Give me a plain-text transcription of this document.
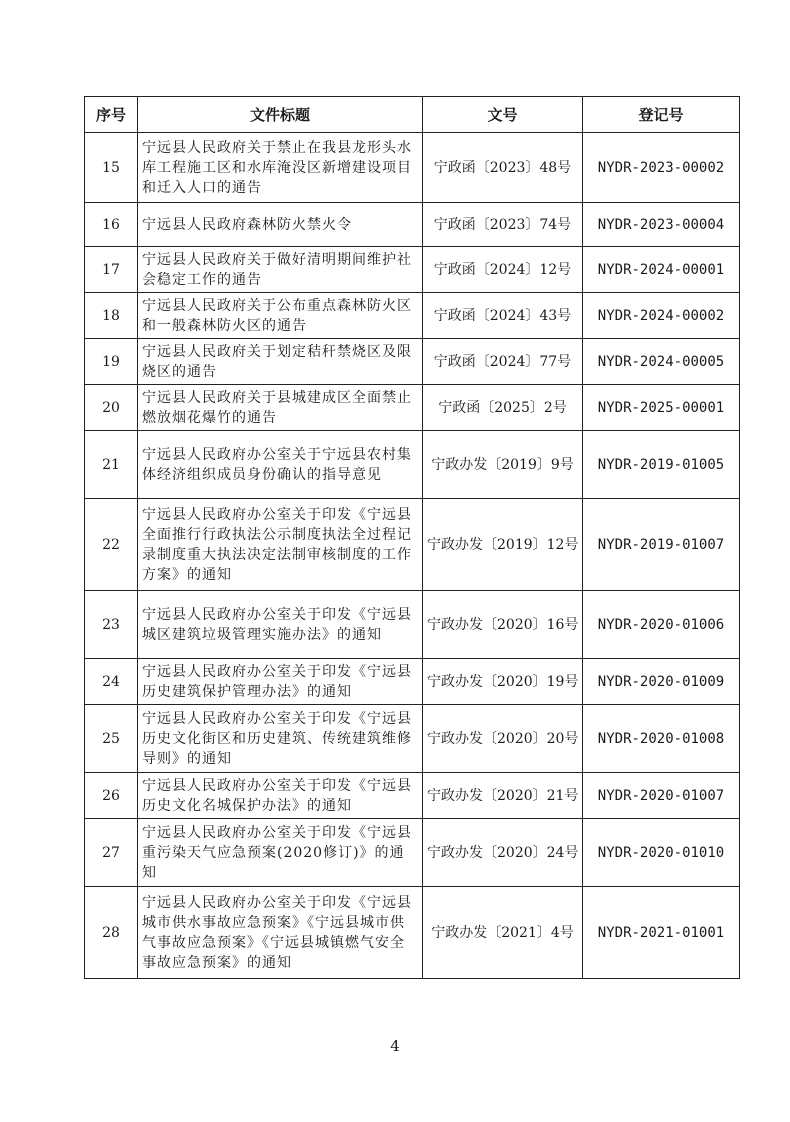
序号	文件标题	文号	登记号
15	宁远县人民政府关于禁止在我县龙形头水库工程施工区和水库淹没区新增建设项目和迁入人口的通告	宁政函〔2023〕48号	NYDR-2023-00002
16	宁远县人民政府森林防火禁火令	宁政函〔2023〕74号	NYDR-2023-00004
17	宁远县人民政府关于做好清明期间维护社会稳定工作的通告	宁政函〔2024〕12号	NYDR-2024-00001
18	宁远县人民政府关于公布重点森林防火区和一般森林防火区的通告	宁政函〔2024〕43号	NYDR-2024-00002
19	宁远县人民政府关于划定秸秆禁烧区及限烧区的通告	宁政函〔2024〕77号	NYDR-2024-00005
20	宁远县人民政府关于县城建成区全面禁止燃放烟花爆竹的通告	宁政函〔2025〕2号	NYDR-2025-00001
21	宁远县人民政府办公室关于宁远县农村集体经济组织成员身份确认的指导意见	宁政办发〔2019〕9号	NYDR-2019-01005
22	宁远县人民政府办公室关于印发《宁远县全面推行行政执法公示制度执法全过程记录制度重大执法决定法制审核制度的工作方案》的通知	宁政办发〔2019〕12号	NYDR-2019-01007
23	宁远县人民政府办公室关于印发《宁远县城区建筑垃圾管理实施办法》的通知	宁政办发〔2020〕16号	NYDR-2020-01006
24	宁远县人民政府办公室关于印发《宁远县历史建筑保护管理办法》的通知	宁政办发〔2020〕19号	NYDR-2020-01009
25	宁远县人民政府办公室关于印发《宁远县历史文化街区和历史建筑、传统建筑维修导则》的通知	宁政办发〔2020〕20号	NYDR-2020-01008
26	宁远县人民政府办公室关于印发《宁远县历史文化名城保护办法》的通知	宁政办发〔2020〕21号	NYDR-2020-01007
27	宁远县人民政府办公室关于印发《宁远县重污染天气应急预案(2020修订)》的通知	宁政办发〔2020〕24号	NYDR-2020-01010
28	宁远县人民政府办公室关于印发《宁远县城市供水事故应急预案》《宁远县城市供气事故应急预案》《宁远县城镇燃气安全事故应急预案》的通知	宁政办发〔2021〕4号	NYDR-2021-01001
4
